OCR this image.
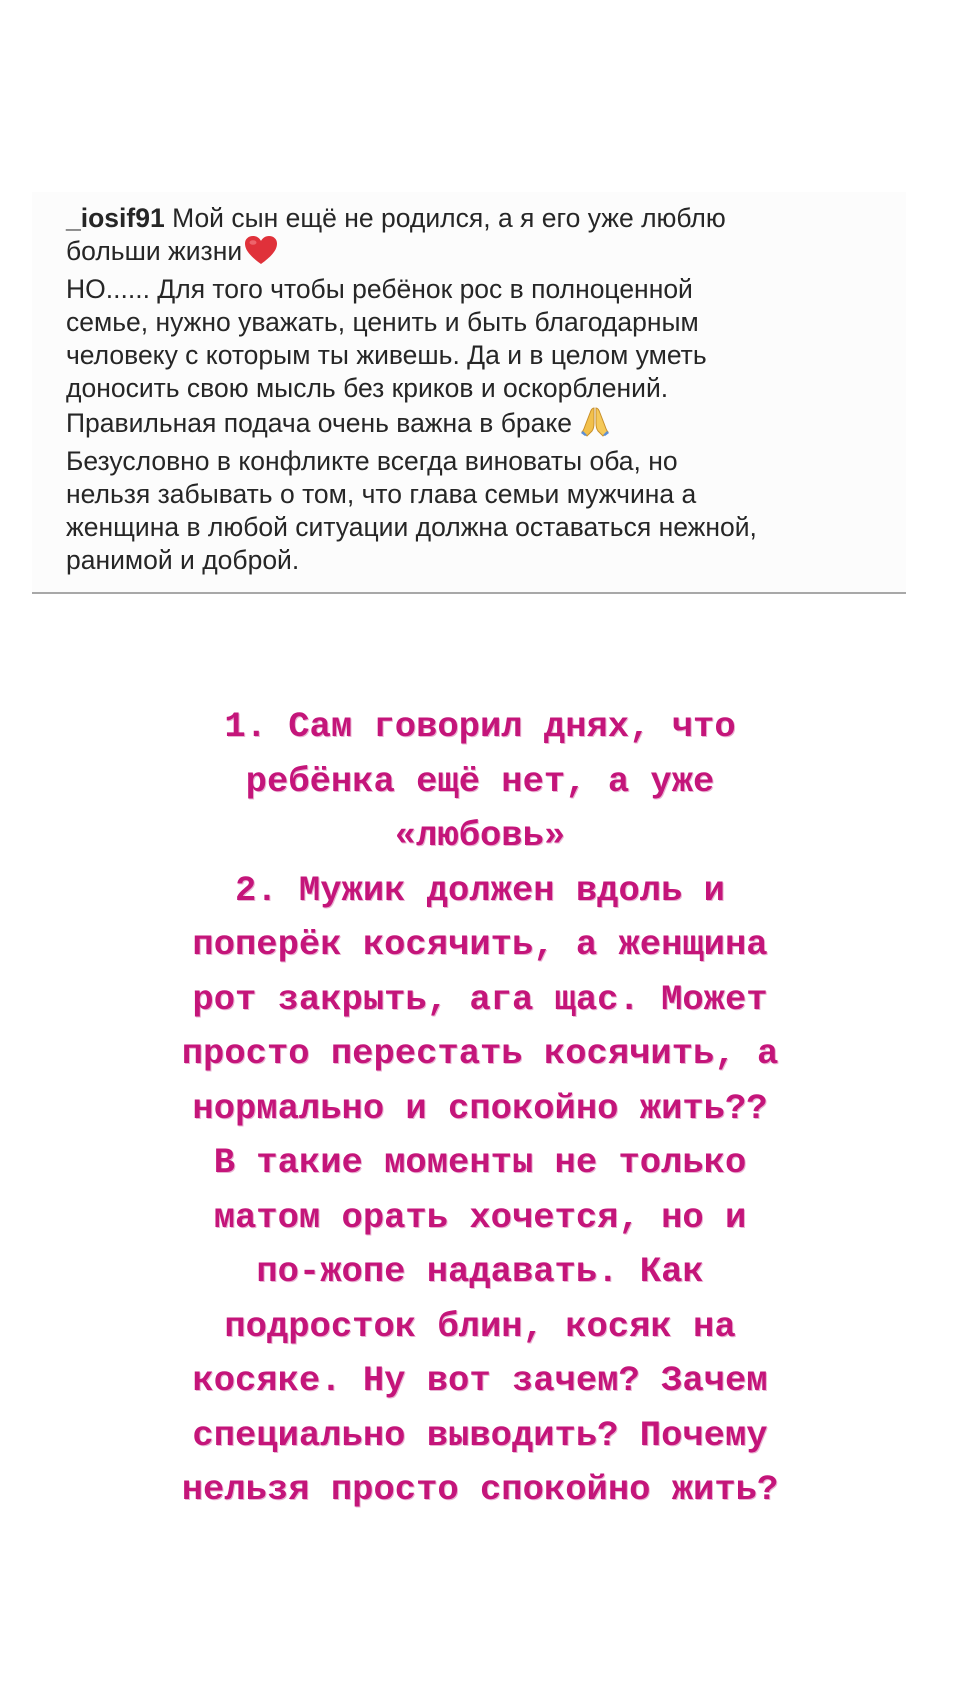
_iosif91 Мой сын ещё не родился, а я его уже люблю
больши жизни
НО...... Для того чтобы ребёнок рос в полноценной
семье, нужно уважать, ценить и быть благодарным
человеку с которым ты живешь. Да и в целом уметь
доносить свою мысль без криков и оскорблений.
Правильная подача очень важна в браке
Безусловно в конфликте всегда виноваты оба, но
нельзя забывать о том, что глава семьи мужчина а
женщина в любой ситуации должна оставаться нежной,
ранимой и доброй.

1. Сам говорил днях, что
ребёнка ещё нет, а уже
«любовь»
2. Мужик должен вдоль и
поперёк косячить, а женщина
рот закрыть, ага щас. Может
просто перестать косячить, а
нормально и спокойно жить??
В такие моменты не только
матом орать хочется, но и
по-жопе надавать. Как
подросток блин, косяк на
косяке. Ну вот зачем? Зачем
специально выводить? Почему
нельзя просто спокойно жить?
